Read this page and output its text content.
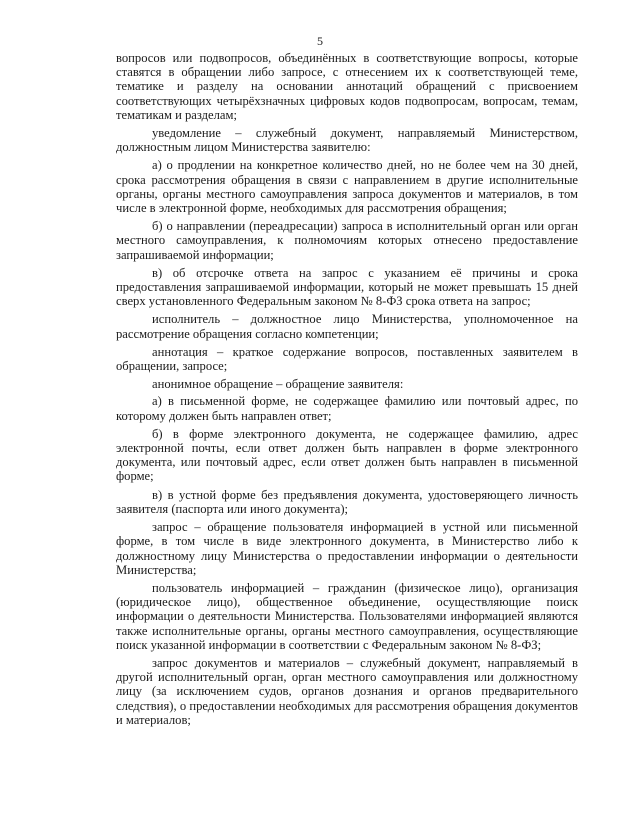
5

вопросов или подвопросов, объединённых в соответствующие вопросы, которые ставятся в обращении либо запросе, с отнесением их к соответствующей теме, тематике и разделу на основании аннотаций обращений с присвоением соответствующих четырёхзначных цифровых кодов подвопросам, вопросам, темам, тематикам и разделам;

уведомление – служебный документ, направляемый Министерством, должностным лицом Министерства заявителю:

а) о продлении на конкретное количество дней, но не более чем на 30 дней, срока рассмотрения обращения в связи с направлением в другие исполнительные органы, органы местного самоуправления запроса документов и материалов, в том числе в электронной форме, необходимых для рассмотрения обращения;

б) о направлении (переадресации) запроса в исполнительный орган или орган местного самоуправления, к полномочиям которых отнесено предоставление запрашиваемой информации;

в) об отсрочке ответа на запрос с указанием её причины и срока предоставления запрашиваемой информации, который не может превышать 15 дней сверх установленного Федеральным законом № 8-ФЗ срока ответа на запрос;

исполнитель – должностное лицо Министерства, уполномоченное на рассмотрение обращения согласно компетенции;

аннотация – краткое содержание вопросов, поставленных заявителем в обращении, запросе;

анонимное обращение – обращение заявителя:

а) в письменной форме, не содержащее фамилию или почтовый адрес, по которому должен быть направлен ответ;

б) в форме электронного документа, не содержащее фамилию, адрес электронной почты, если ответ должен быть направлен в форме электронного документа, или почтовый адрес, если ответ должен быть направлен в письменной форме;

в) в устной форме без предъявления документа, удостоверяющего личность заявителя (паспорта или иного документа);

запрос – обращение пользователя информацией в устной или письменной форме, в том числе в виде электронного документа, в Министерство либо к должностному лицу Министерства о предоставлении информации о деятельности Министерства;

пользователь информацией – гражданин (физическое лицо), организация (юридическое лицо), общественное объединение, осуществляющие поиск информации о деятельности Министерства. Пользователями информацией являются также исполнительные органы, органы местного самоуправления, осуществляющие поиск указанной информации в соответствии с Федеральным законом № 8-ФЗ;

запрос документов и материалов – служебный документ, направляемый в другой исполнительный орган, орган местного самоуправления или должностному лицу (за исключением судов, органов дознания и органов предварительного следствия), о предоставлении необходимых для рассмотрения обращения документов и материалов;
